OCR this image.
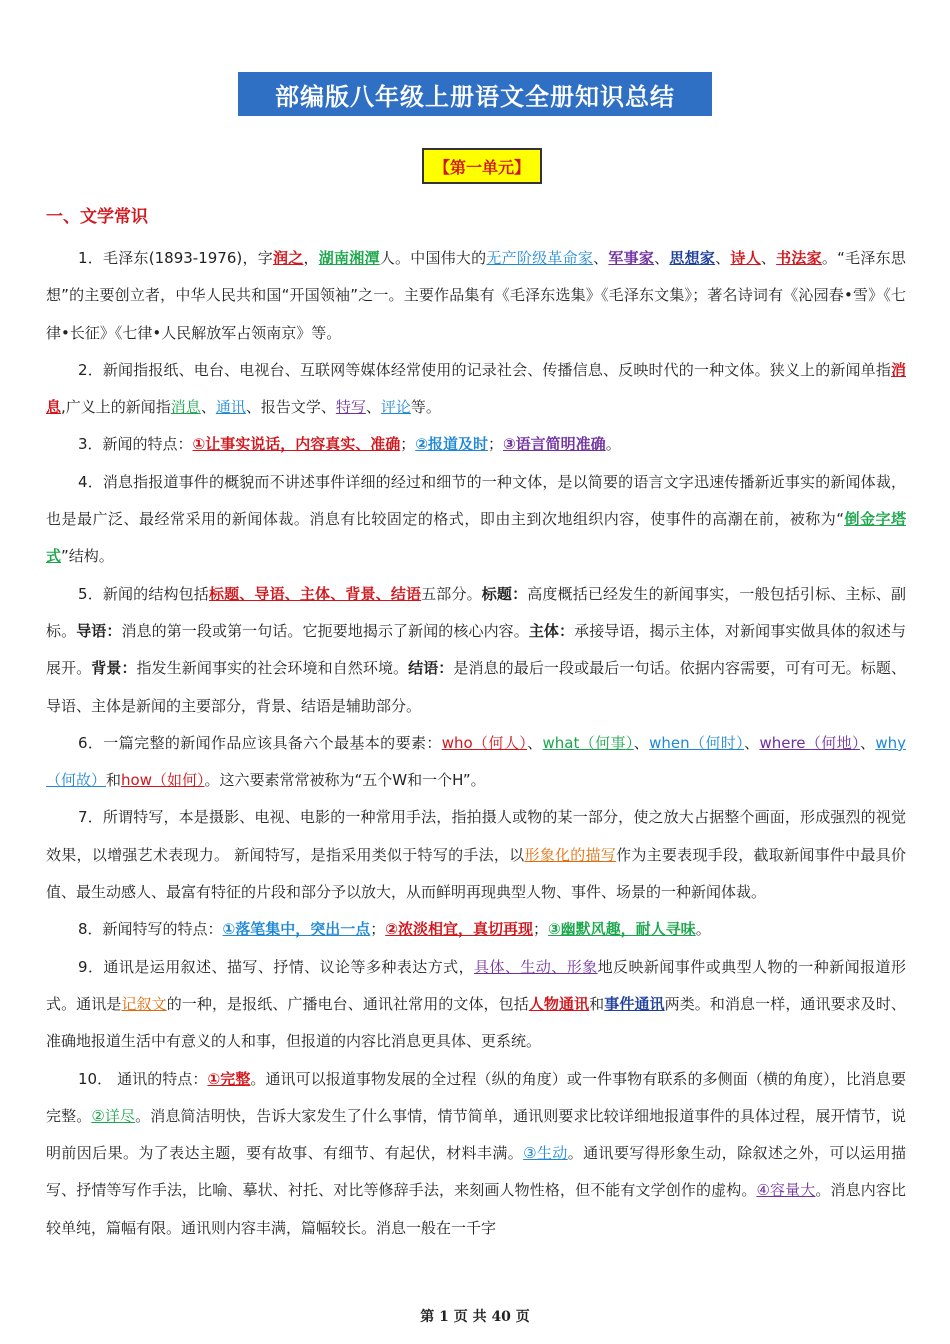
部编版八年级上册语文全册知识总结
【第一单元】
一、文学常识

1．毛泽东(1893-1976)，字润之，湖南湘潭人。中国伟大的无产阶级革命家、军事家、思想家、诗人、书法家。“毛泽东思想”的主要创立者，中华人民共和国“开国领袖”之一。主要作品集有《毛泽东选集》《毛泽东文集》；著名诗词有《沁园春•雪》《七律•长征》《七律•人民解放军占领南京》等。

2．新闻指报纸、电台、电视台、互联网等媒体经常使用的记录社会、传播信息、反映时代的一种文体。狭义上的新闻单指消息,广义上的新闻指消息、通讯、报告文学、特写、评论等。

3．新闻的特点：①让事实说话，内容真实、准确；②报道及时；③语言简明准确。

4．消息指报道事件的概貌而不讲述事件详细的经过和细节的一种文体，是以简要的语言文字迅速传播新近事实的新闻体裁，也是最广泛、最经常采用的新闻体裁。消息有比较固定的格式，即由主到次地组织内容，使事件的高潮在前，被称为“倒金字塔式”结构。

5．新闻的结构包括标题、导语、主体、背景、结语五部分。标题：高度概括已经发生的新闻事实，一般包括引标、主标、副标。导语：消息的第一段或第一句话。它扼要地揭示了新闻的核心内容。主体：承接导语，揭示主体，对新闻事实做具体的叙述与展开。背景：指发生新闻事实的社会环境和自然环境。结语：是消息的最后一段或最后一句话。依据内容需要，可有可无。标题、导语、主体是新闻的主要部分，背景、结语是辅助部分。

6．一篇完整的新闻作品应该具备六个最基本的要素：who（何人）、what（何事）、when（何时）、where（何地）、why（何故）和how（如何）。这六要素常常被称为“五个W和一个H”。

7．所谓特写，本是摄影、电视、电影的一种常用手法，指拍摄人或物的某一部分，使之放大占据整个画面，形成强烈的视觉效果，以增强艺术表现力。 新闻特写，是指采用类似于特写的手法，以形象化的描写作为主要表现手段，截取新闻事件中最具价值、最生动感人、最富有特征的片段和部分予以放大，从而鲜明再现典型人物、事件、场景的一种新闻体裁。

8．新闻特写的特点：①落笔集中，突出一点；②浓淡相宜，真切再现；③幽默风趣，耐人寻味。

9．通讯是运用叙述、描写、抒情、议论等多种表达方式，具体、生动、形象地反映新闻事件或典型人物的一种新闻报道形式。通讯是记叙文的一种，是报纸、广播电台、通讯社常用的文体，包括人物通讯和事件通讯两类。和消息一样，通讯要求及时、准确地报道生活中有意义的人和事，但报道的内容比消息更具体、更系统。

10． 通讯的特点：①完整。通讯可以报道事物发展的全过程（纵的角度）或一件事物有联系的多侧面（横的角度），比消息要完整。②详尽。消息简洁明快，告诉大家发生了什么事情，情节简单，通讯则要求比较详细地报道事件的具体过程，展开情节，说明前因后果。为了表达主题，要有故事、有细节、有起伏，材料丰满。③生动。通讯要写得形象生动，除叙述之外，可以运用描写、抒情等写作手法，比喻、摹状、衬托、对比等修辞手法，来刻画人物性格，但不能有文学创作的虚构。④容量大。消息内容比较单纯，篇幅有限。通讯则内容丰满，篇幅较长。消息一般在一千字

第 1 页 共 40 页
